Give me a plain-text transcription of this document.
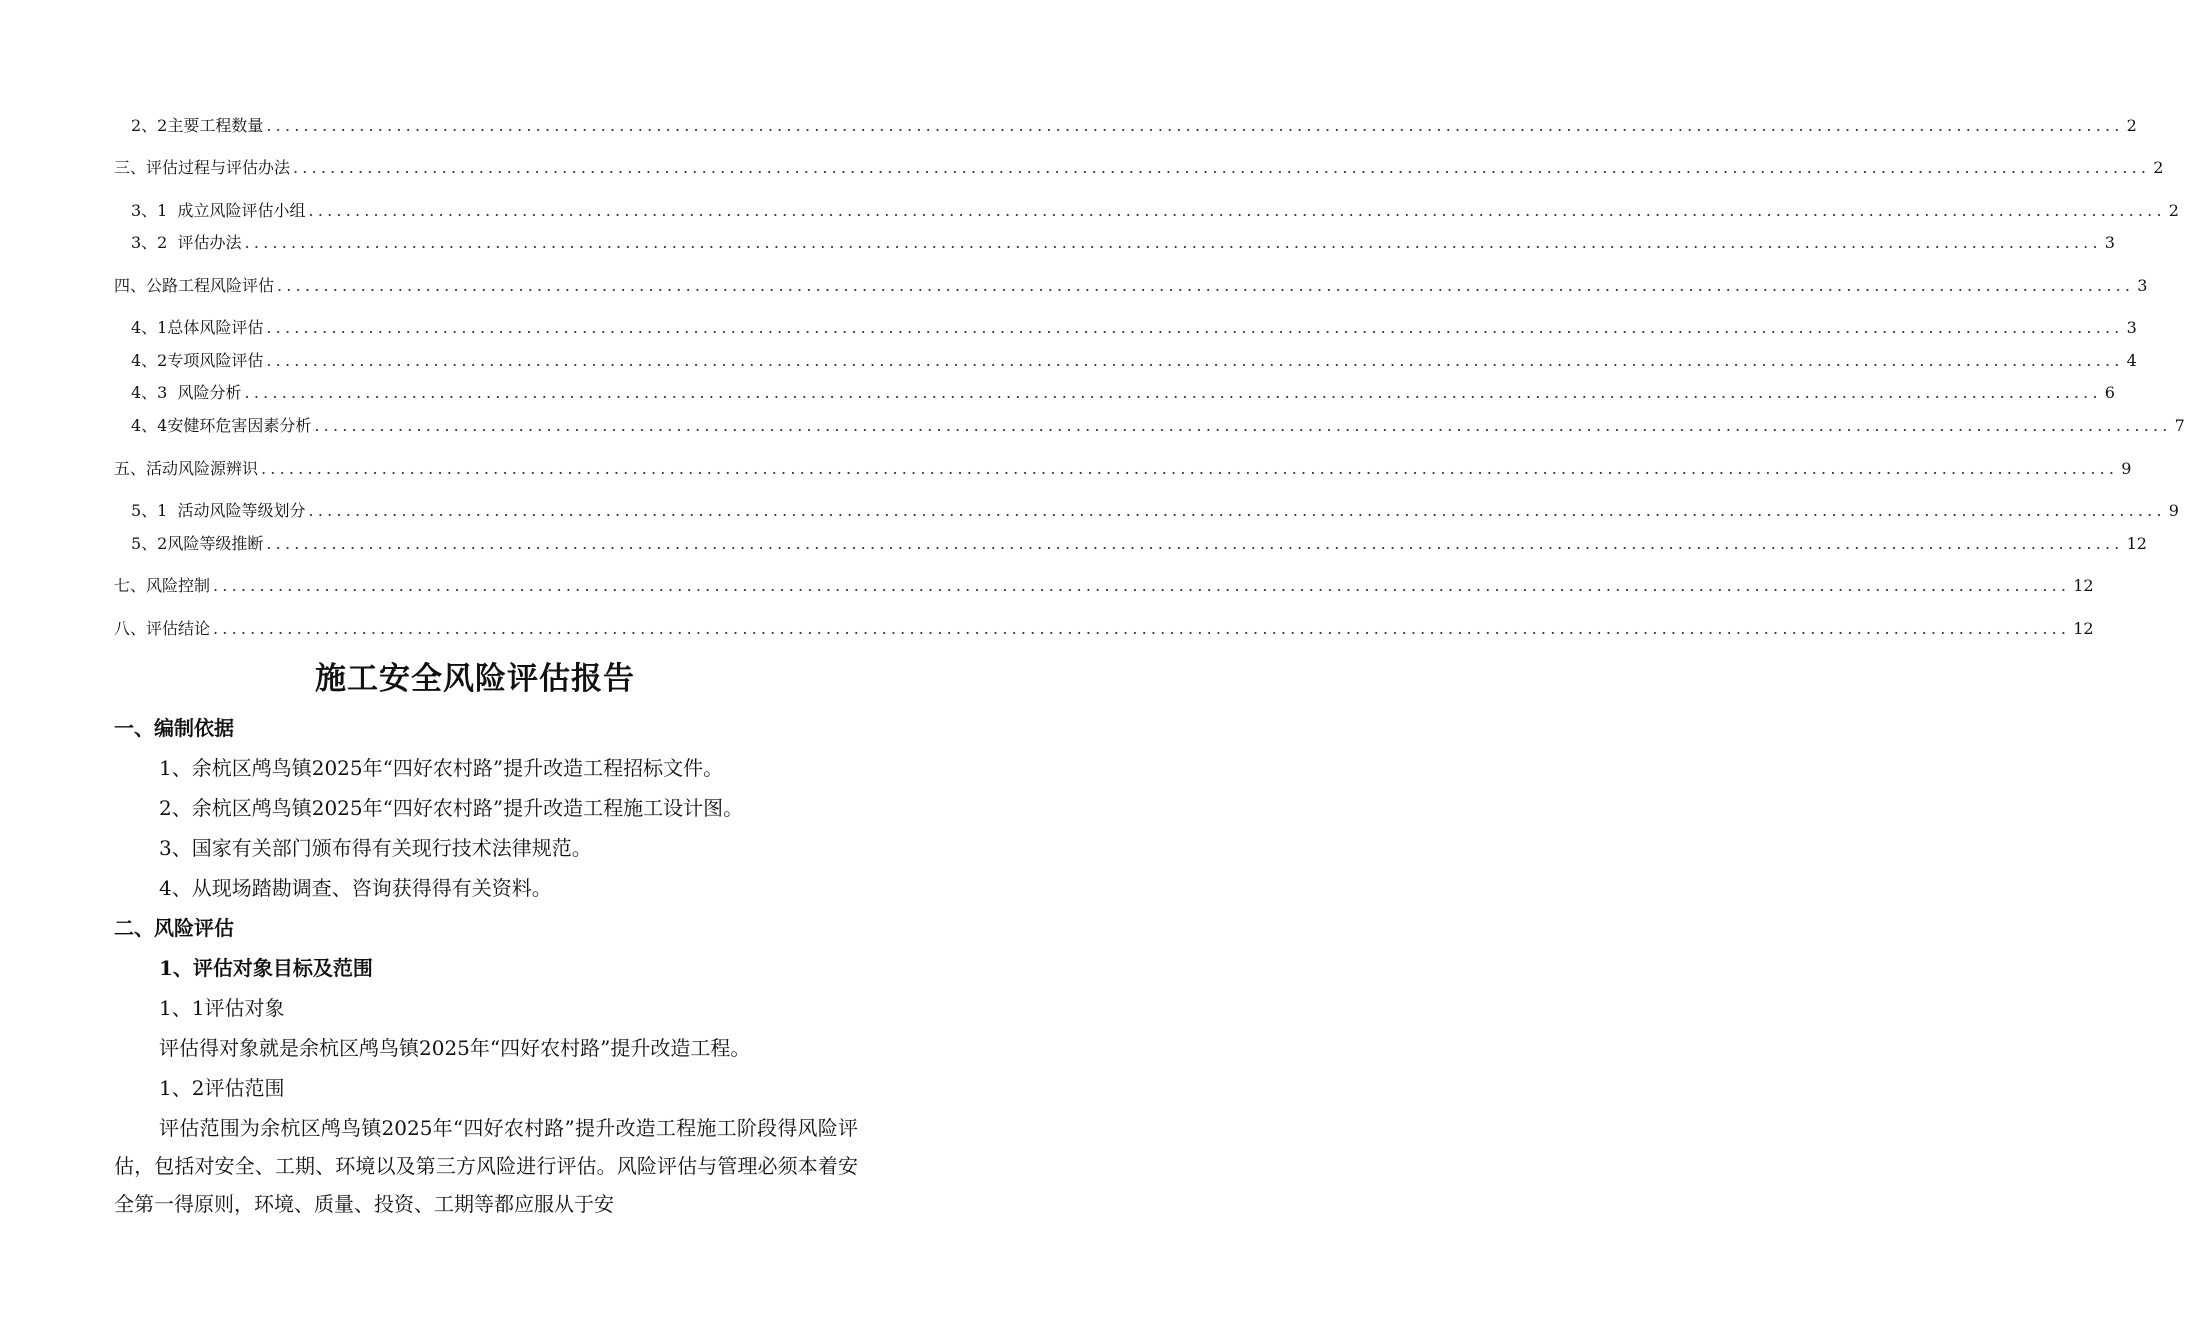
2、2主要工程数量 ........................................................................................................................................................................................................ 2
三、评估过程与评估办法 ........................................................................................................................................................................................................ 2
3、1  成立风险评估小组 ........................................................................................................................................................................................................ 2
3、2  评估办法 ........................................................................................................................................................................................................ 3
四、公路工程风险评估 ........................................................................................................................................................................................................ 3
4、1总体风险评估 ........................................................................................................................................................................................................ 3
4、2专项风险评估 ........................................................................................................................................................................................................ 4
4、3  风险分析 ........................................................................................................................................................................................................ 6
4、4安健环危害因素分析 ........................................................................................................................................................................................................ 7
五、活动风险源辨识 ........................................................................................................................................................................................................ 9
5、1  活动风险等级划分 ........................................................................................................................................................................................................ 9
5、2风险等级推断 ........................................................................................................................................................................................................ 12
七、风险控制 ........................................................................................................................................................................................................ 12
八、评估结论 ........................................................................................................................................................................................................ 12
施工安全风险评估报告
一、编制依据
1、余杭区鸬鸟镇2025年“四好农村路”提升改造工程招标文件。
2、余杭区鸬鸟镇2025年“四好农村路”提升改造工程施工设计图。
3、国家有关部门颁布得有关现行技术法律规范。
4、从现场踏勘调查、咨询获得得有关资料。
二、风险评估
1、评估对象目标及范围
1、1评估对象
评估得对象就是余杭区鸬鸟镇2025年“四好农村路”提升改造工程。
1、2评估范围
评估范围为余杭区鸬鸟镇2025年“四好农村路”提升改造工程施工阶段得风险评估，包括对安全、工期、环境以及第三方风险进行评估。风险评估与管理必须本着安全第一得原则，环境、质量、投资、工期等都应服从于安
